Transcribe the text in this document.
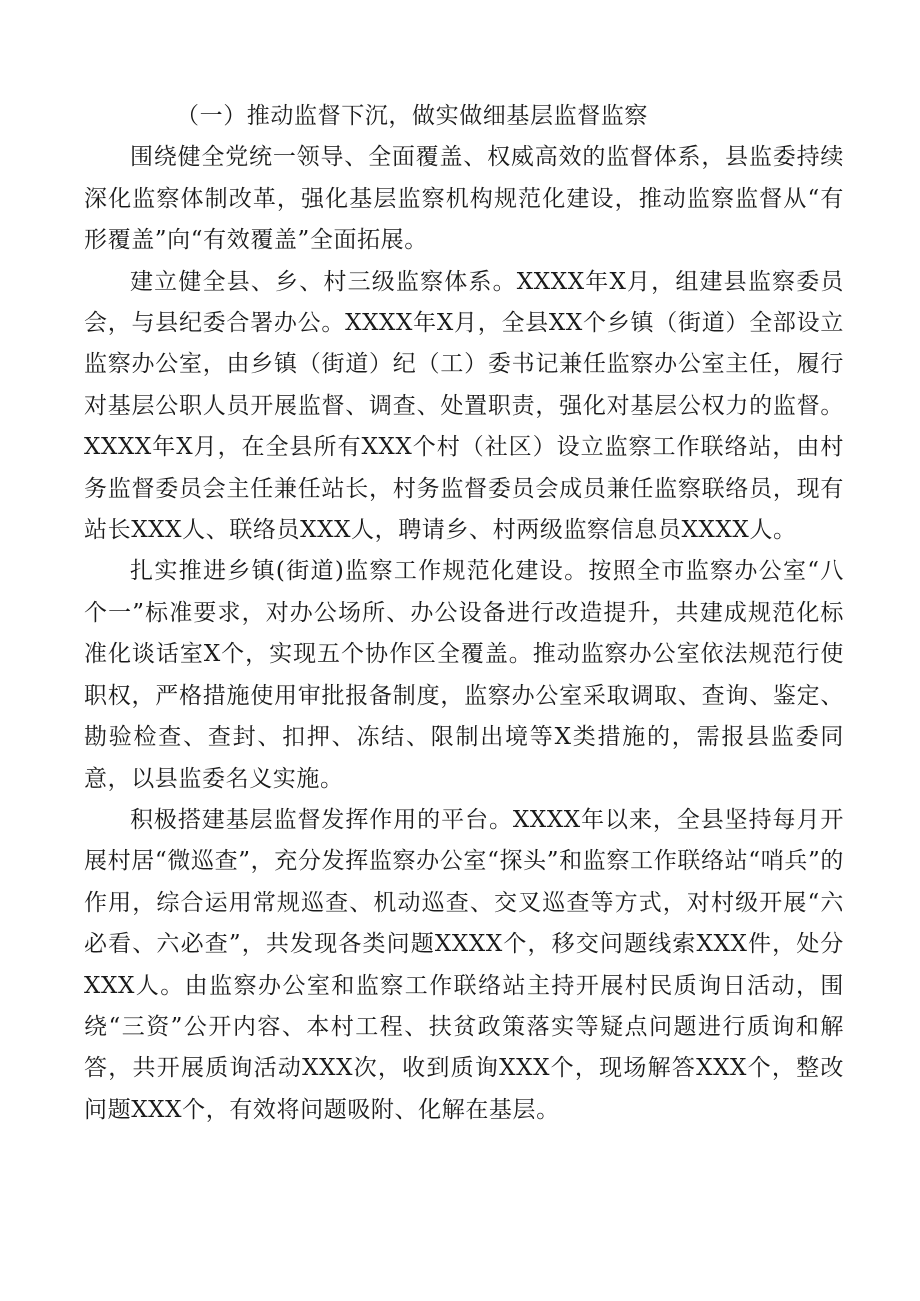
（一）推动监督下沉，做实做细基层监督监察

围绕健全党统一领导、全面覆盖、权威高效的监督体系，县监委持续深化监察体制改革，强化基层监察机构规范化建设，推动监察监督从“有形覆盖”向“有效覆盖”全面拓展。

建立健全县、乡、村三级监察体系。XXXX年X月，组建县监察委员会，与县纪委合署办公。XXXX年X月，全县XX个乡镇（街道）全部设立监察办公室，由乡镇（街道）纪（工）委书记兼任监察办公室主任，履行对基层公职人员开展监督、调查、处置职责，强化对基层公权力的监督。XXXX年X月，在全县所有XXX个村（社区）设立监察工作联络站，由村务监督委员会主任兼任站长，村务监督委员会成员兼任监察联络员，现有站长XXX人、联络员XXX人，聘请乡、村两级监察信息员XXXX人。

扎实推进乡镇(街道)监察工作规范化建设。按照全市监察办公室“八个一”标准要求，对办公场所、办公设备进行改造提升，共建成规范化标准化谈话室X个，实现五个协作区全覆盖。推动监察办公室依法规范行使职权，严格措施使用审批报备制度，监察办公室采取调取、查询、鉴定、勘验检查、查封、扣押、冻结、限制出境等X类措施的，需报县监委同意，以县监委名义实施。

积极搭建基层监督发挥作用的平台。XXXX年以来，全县坚持每月开展村居“微巡查”，充分发挥监察办公室“探头”和监察工作联络站“哨兵”的作用，综合运用常规巡查、机动巡查、交叉巡查等方式，对村级开展“六必看、六必查”，共发现各类问题XXXX个，移交问题线索XXX件，处分XXX人。由监察办公室和监察工作联络站主持开展村民质询日活动，围绕“三资”公开内容、本村工程、扶贫政策落实等疑点问题进行质询和解答，共开展质询活动XXX次，收到质询XXX个，现场解答XXX个，整改问题XXX个，有效将问题吸附、化解在基层。
